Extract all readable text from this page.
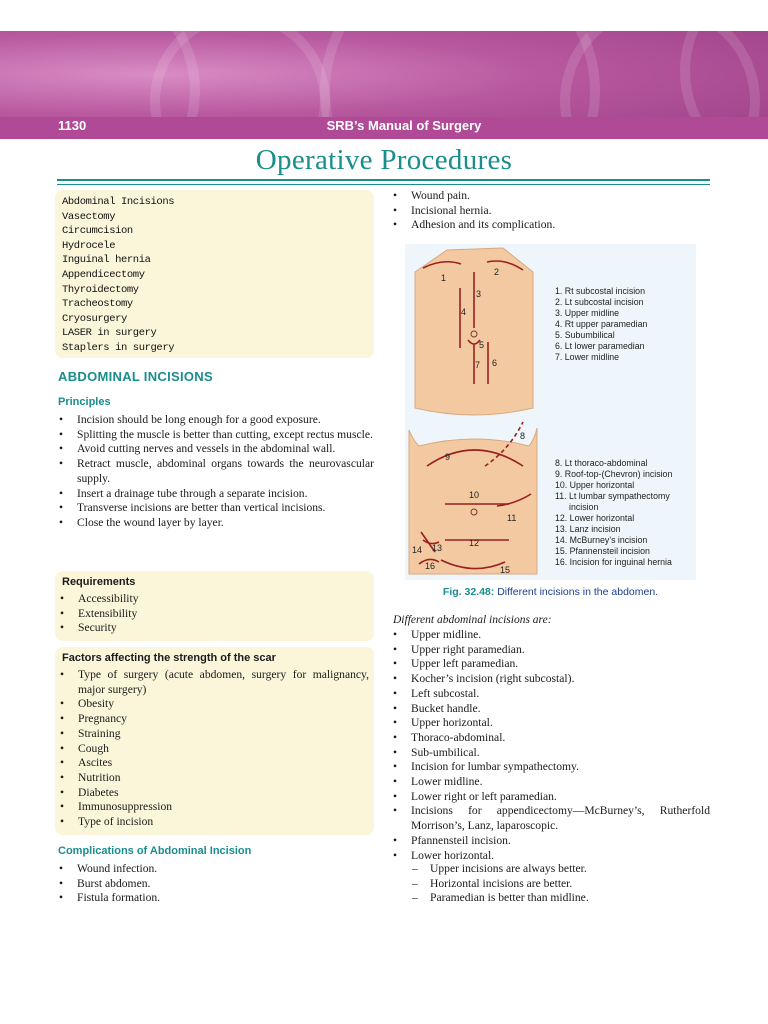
1130	SRB’s Manual of Surgery
Operative Procedures
Abdominal Incisions
Vasectomy
Circumcision
Hydrocele
Inguinal hernia
Appendicectomy
Thyroidectomy
Tracheostomy
Cryosurgery
LASER in surgery
Staplers in surgery
ABDOMINAL INCISIONS
Principles
• Incision should be long enough for a good exposure.
• Splitting the muscle is better than cutting, except rectus muscle.
• Avoid cutting nerves and vessels in the abdominal wall.
• Retract muscle, abdominal organs towards the neurovascular supply.
• Insert a drainage tube through a separate incision.
• Transverse incisions are better than vertical incisions.
• Close the wound layer by layer.
Requirements
• Accessibility
• Extensibility
• Security
Factors affecting the strength of the scar
• Type of surgery (acute abdomen, surgery for malignancy, major surgery)
• Obesity
• Pregnancy
• Straining
• Cough
• Ascites
• Nutrition
• Diabetes
• Immunosuppression
• Type of incision
Complications of Abdominal Incision
• Wound infection.
• Burst abdomen.
• Fistula formation.
• Wound pain.
• Incisional hernia.
• Adhesion and its complication.
1
2
3
4
5
6
7
1. Rt subcostal incision
2. Lt subcostal incision
3. Upper midline
4. Rt upper paramedian
5. Subumbilical
6. Lt lower paramedian
7. Lower midline
8
9
10
11
12
13
14
15
16
8. Lt thoraco-abdominal
9. Roof-top-(Chevron) incision
10. Upper horizontal
11. Lt lumbar sympathectomy
incision
12. Lower horizontal
13. Lanz incision
14. McBurney’s incision
15. Pfannensteil incision
16. Incision for inguinal hernia
Fig. 32.48: Different incisions in the abdomen.
Different abdominal incisions are:
• Upper midline.
• Upper right paramedian.
• Upper left paramedian.
• Kocher’s incision (right subcostal).
• Left subcostal.
• Bucket handle.
• Upper horizontal.
• Thoraco-abdominal.
• Sub-umbilical.
• Incision for lumbar sympathectomy.
• Lower midline.
• Lower right or left paramedian.
• Incisions for appendicectomy—McBurney’s, Rutherfold Morrison’s, Lanz, laparoscopic.
• Pfannensteil incision.
• Lower horizontal.
– Upper incisions are always better.
– Horizontal incisions are better.
– Paramedian is better than midline.
